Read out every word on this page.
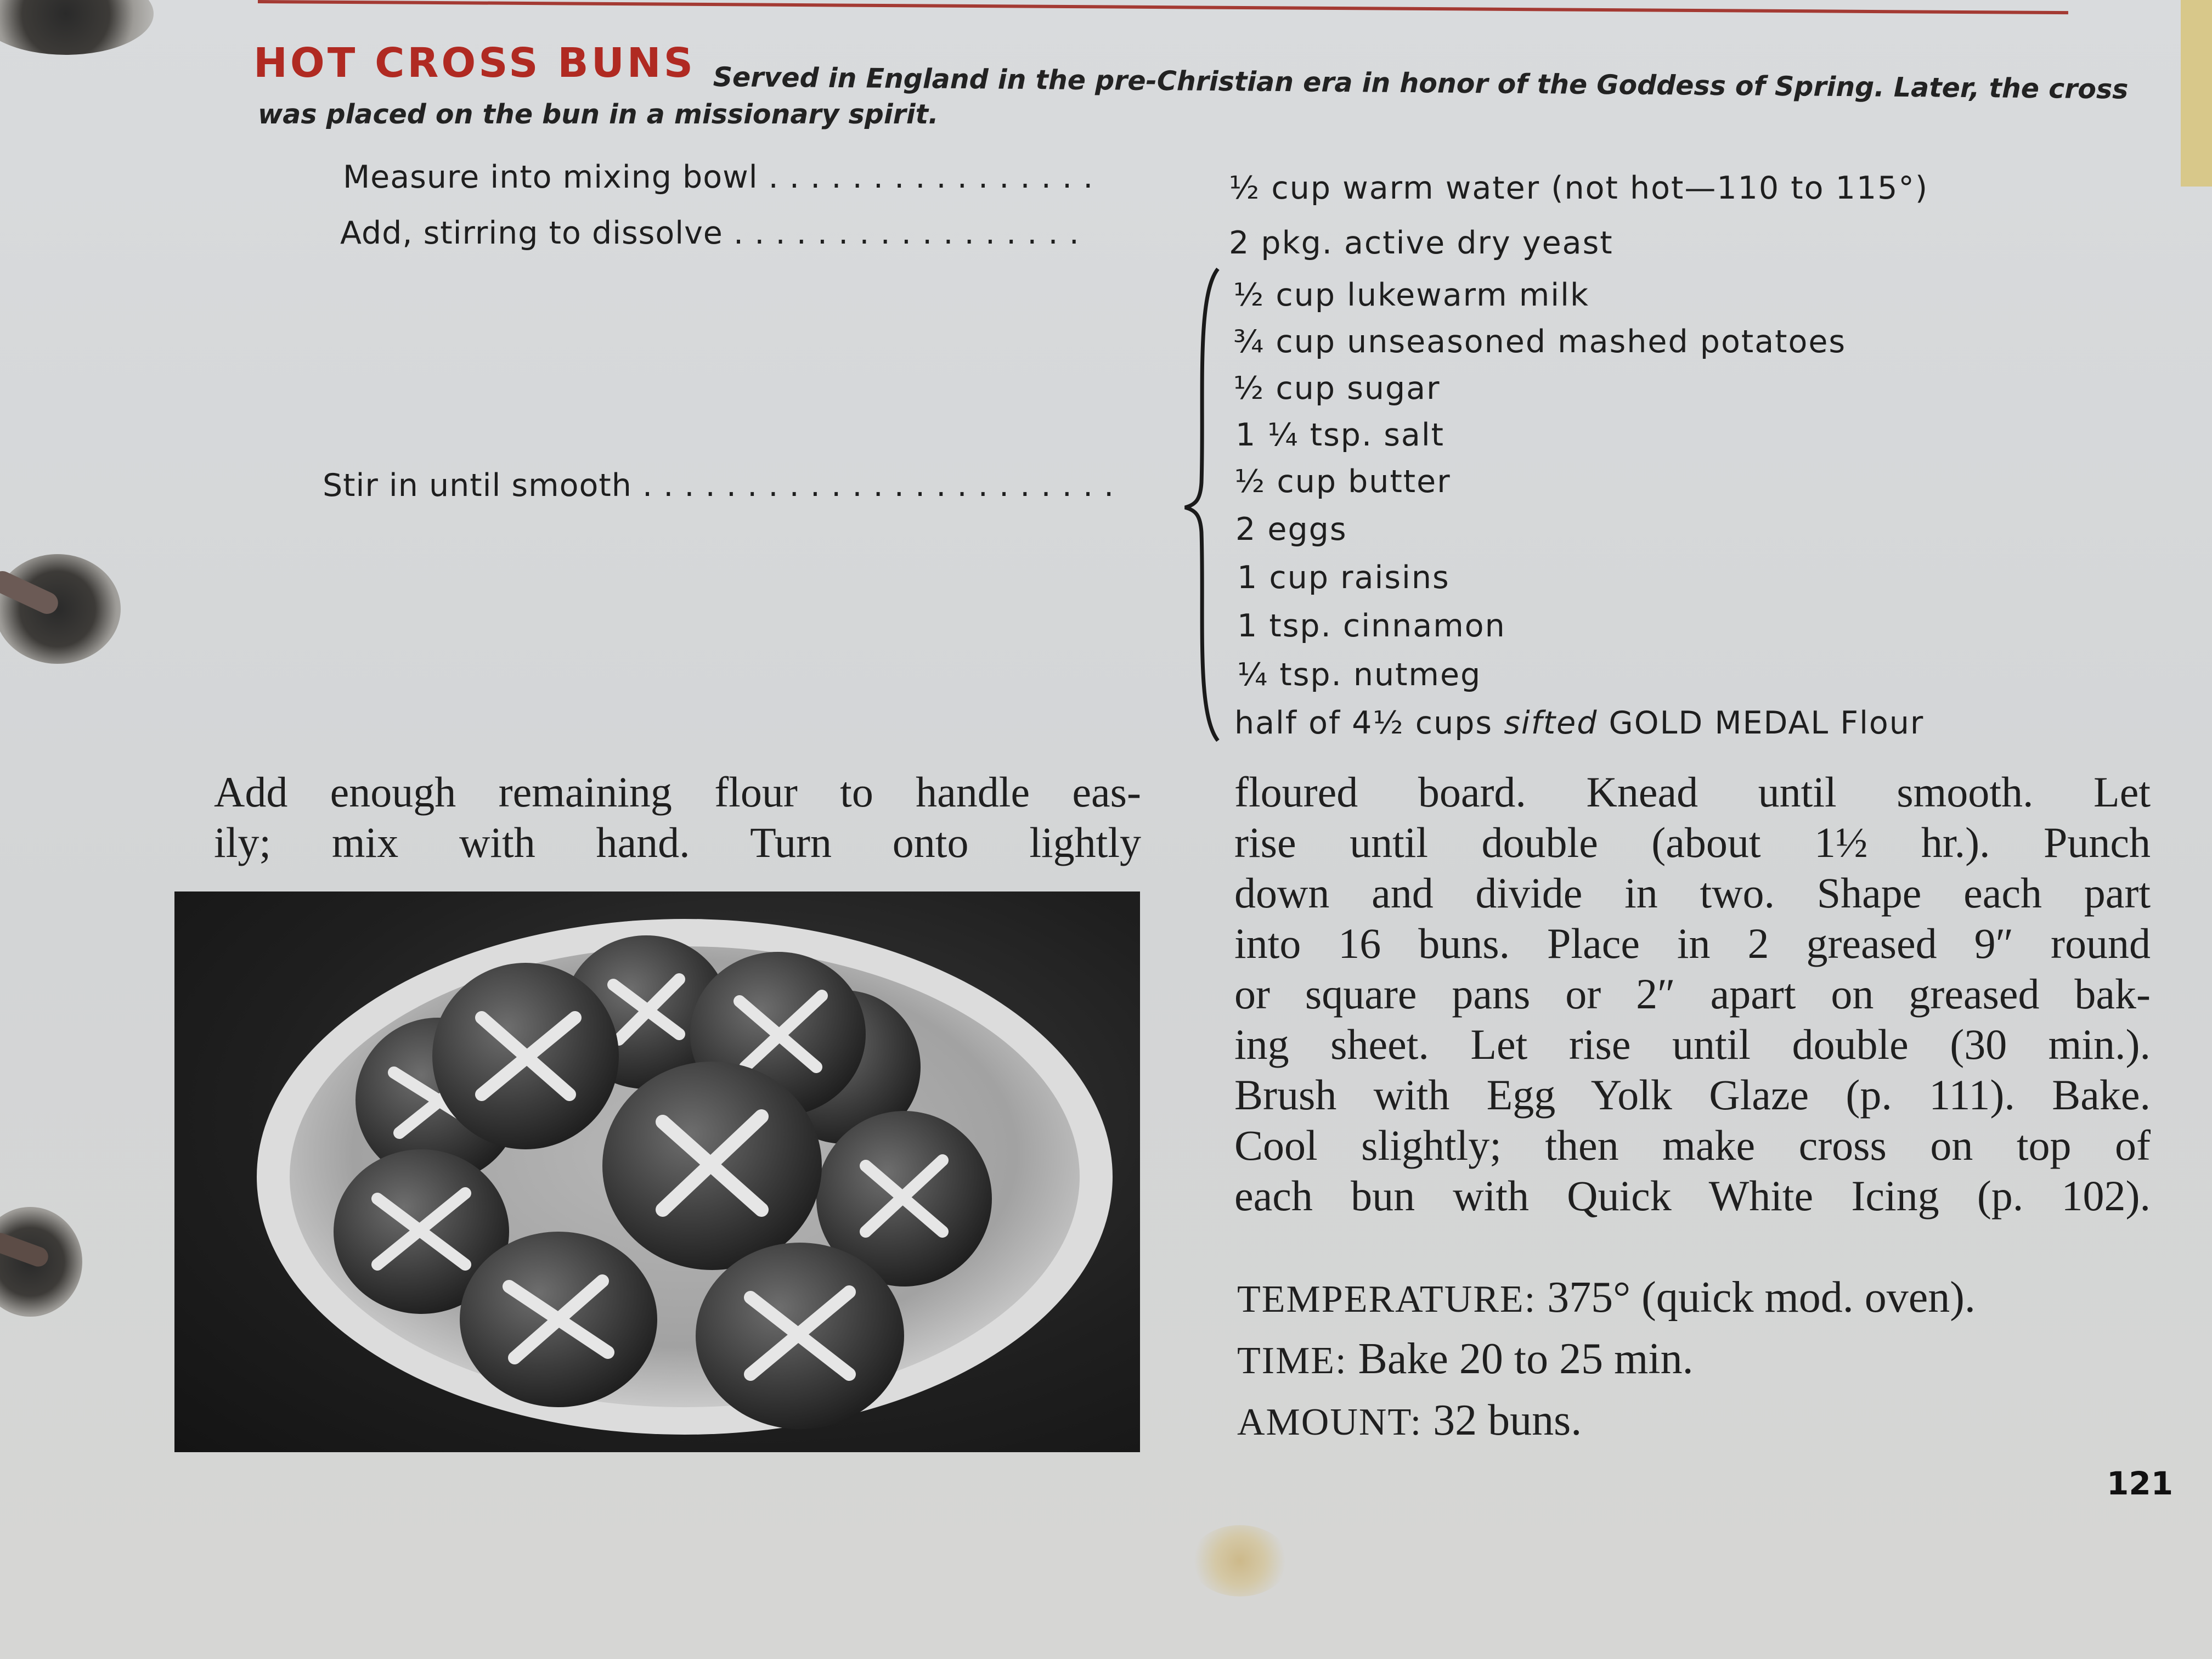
HOT CROSS BUNS Served in England in the pre-Christian era in honor of the Goddess of Spring. Later, the cross
was placed on the bun in a missionary spirit.
Measure into mixing bowl . . . . . . . . . . . . . . . .	½ cup warm water (not hot—110 to 115°)
Add, stirring to dissolve . . . . . . . . . . . . . . . . .	2 pkg. active dry yeast
Stir in until smooth . . . . . . . . . . . . . . . . . . . . . . .
½ cup lukewarm milk
¾ cup unseasoned mashed potatoes
½ cup sugar
1 ¼ tsp. salt
½ cup butter
2 eggs
1 cup raisins
1 tsp. cinnamon
¼ tsp. nutmeg
half of 4½ cups sifted GOLD MEDAL Flour
Add enough remaining flour to handle eas-
ily; mix with hand. Turn onto lightly
floured board. Knead until smooth. Let
rise until double (about 1½ hr.). Punch
down and divide in two. Shape each part
into 16 buns. Place in 2 greased 9″ round
or square pans or 2″ apart on greased bak-
ing sheet. Let rise until double (30 min.).
Brush with Egg Yolk Glaze (p. 111). Bake.
Cool slightly; then make cross on top of
each bun with Quick White Icing (p. 102).
TEMPERATURE: 375° (quick mod. oven).
TIME: Bake 20 to 25 min.
AMOUNT: 32 buns.
121
